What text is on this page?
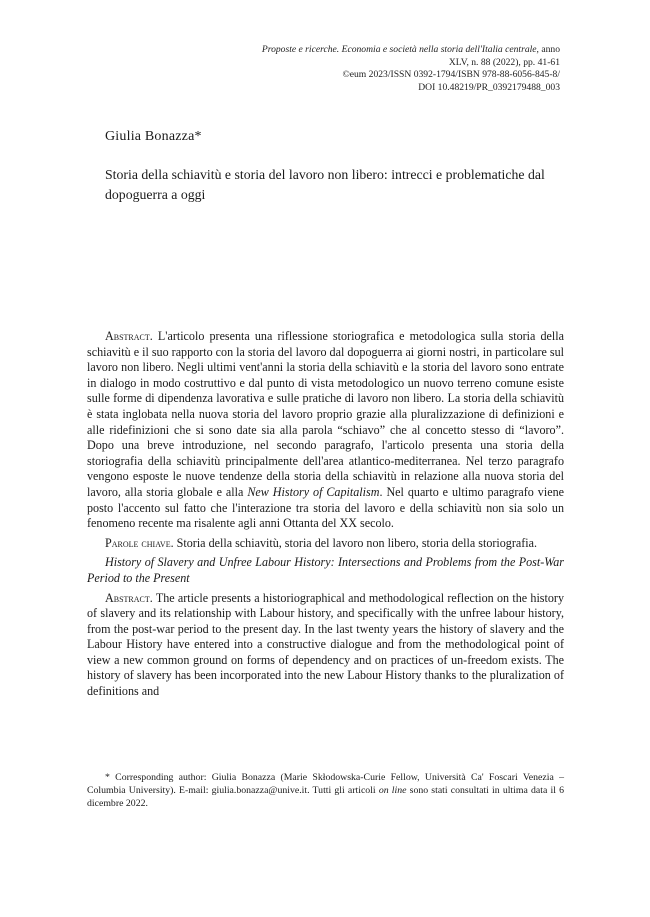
Proposte e ricerche. Economia e società nella storia dell'Italia centrale, anno XLV, n. 88 (2022), pp. 41-61
©eum 2023/ISSN 0392-1794/ISBN 978-88-6056-845-8/
DOI 10.48219/PR_0392179488_003
Giulia Bonazza*
Storia della schiavitù e storia del lavoro non libero: intrecci e problematiche dal dopoguerra a oggi

Abstract. L'articolo presenta una riflessione storiografica e metodologica sulla storia della schiavitù e il suo rapporto con la storia del lavoro dal dopoguerra ai giorni nostri, in particolare sul lavoro non libero. Negli ultimi vent'anni la storia della schiavitù e la storia del lavoro sono entrate in dialogo in modo costruttivo e dal punto di vista metodologico un nuovo terreno comune esiste sulle forme di dipendenza lavorativa e sulle pratiche di lavoro non libero. La storia della schiavitù è stata inglobata nella nuova storia del lavoro proprio grazie alla pluralizzazione di definizioni e alle ridefinizioni che si sono date sia alla parola “schiavo” che al concetto stesso di “lavoro”. Dopo una breve introduzione, nel secondo paragrafo, l'articolo presenta una storia della storiografia della schiavitù principalmente dell'area atlantico-mediterranea. Nel terzo paragrafo vengono esposte le nuove tendenze della storia della schiavitù in relazione alla nuova storia del lavoro, alla storia globale e alla New History of Capitalism. Nel quarto e ultimo paragrafo viene posto l'accento sul fatto che l'interazione tra storia del lavoro e della schiavitù non sia solo un fenomeno recente ma risalente agli anni Ottanta del XX secolo.

Parole chiave. Storia della schiavitù, storia del lavoro non libero, storia della storiografia.

History of Slavery and Unfree Labour History: Intersections and Problems from the Post-War Period to the Present

Abstract. The article presents a historiographical and methodological reflection on the history of slavery and its relationship with Labour history, and specifically with the unfree labour history, from the post-war period to the present day. In the last twenty years the history of slavery and the Labour History have entered into a constructive dialogue and from the methodological point of view a new common ground on forms of dependency and on practices of un-freedom exists. The history of slavery has been incorporated into the new Labour History thanks to the pluralization of definitions and

* Corresponding author: Giulia Bonazza (Marie Skłodowska-Curie Fellow, Università Ca' Foscari Venezia – Columbia University). E-mail: giulia.bonazza@unive.it. Tutti gli articoli on line sono stati consultati in ultima data il 6 dicembre 2022.
